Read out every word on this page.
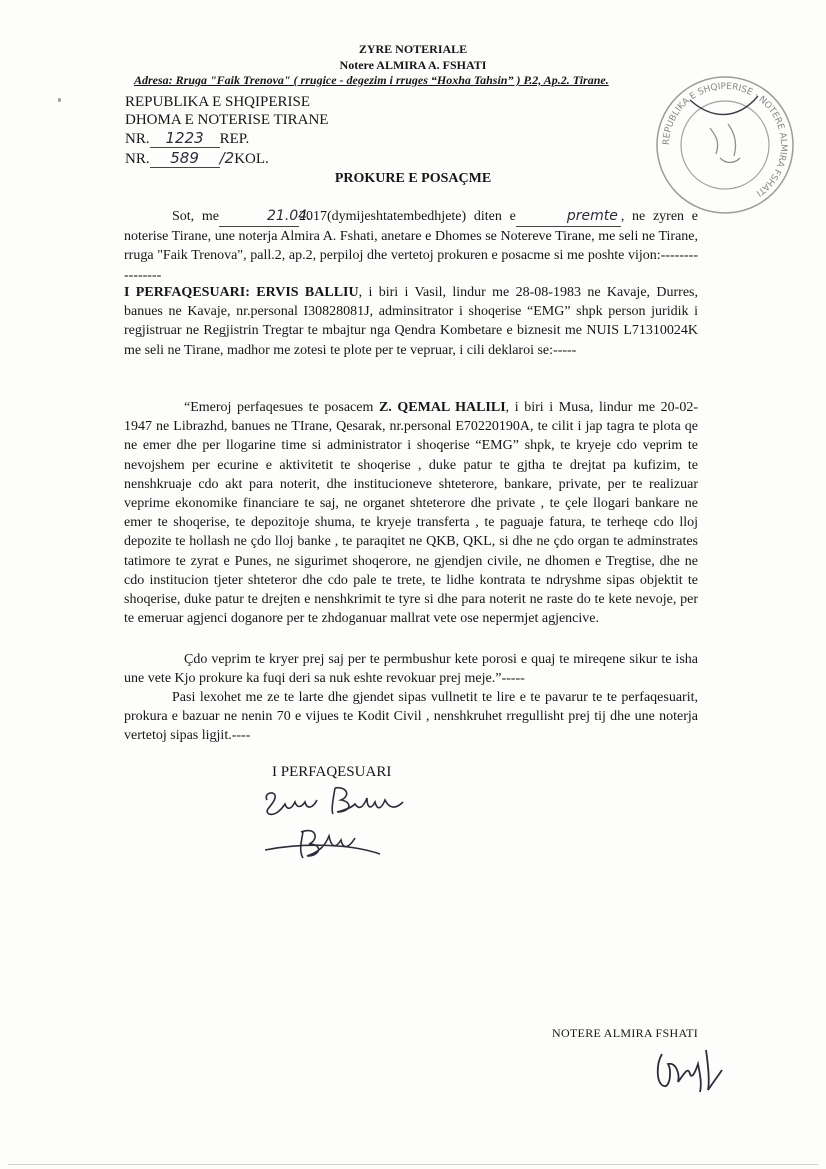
ZYRE NOTERIALE
Notere ALMIRA A. FSHATI
Adresa: Rruga "Faik Trenova" ( rrugice - degezim i rruges “Hoxha Tahsin” ) P.2, Ap.2. Tirane.
REPUBLIKA E SHQIPERISE
DHOMA E NOTERISE TIRANE
NR. 1223 REP.
NR. 589 /2KOL.
PROKURE E POSAÇME

Sot, me	21.04.2017(dymijeshtatembedhjete) diten e	premte , ne zyren e noterise Tirane, une noterja Almira A. Fshati, anetare e Dhomes se Notereve Tirane, me seli ne Tirane, rruga "Faik Trenova", pall.2, ap.2, perpiloj dhe vertetoj prokuren e posacme si me poshte vijon:----------------

I PERFAQESUARI: ERVIS BALLIU, i biri i Vasil, lindur me 28-08-1983 ne Kavaje, Durres, banues ne Kavaje, nr.personal I30828081J, adminsitrator i shoqerise “EMG” shpk person juridik i regjistruar ne Regjistrin Tregtar te mbajtur nga Qendra Kombetare e biznesit me NUIS L71310024K me seli ne Tirane, madhor me zotesi te plote per te vepruar, i cili deklaroi se:-----

“Emeroj perfaqesues te posacem Z. QEMAL HALILI, i biri i Musa, lindur me 20-02-1947 ne Librazhd, banues ne TIrane, Qesarak, nr.personal E70220190A, te cilit i jap tagra te plota qe ne emer dhe per llogarine time si administrator i shoqerise “EMG” shpk, te kryeje cdo veprim te nevojshem per ecurine e aktivitetit te shoqerise , duke patur te gjtha te drejtat pa kufizim, te nenshkruaje cdo akt para noterit, dhe institucioneve shteterore, bankare, private, per te realizuar veprime ekonomike financiare te saj, ne organet shteterore dhe private , te çele llogari bankare ne emer te shoqerise, te depozitoje shuma, te kryeje transferta , te paguaje fatura, te terheqe cdo lloj depozite te hollash ne çdo lloj banke , te paraqitet ne QKB, QKL, si dhe ne çdo organ te adminstrates tatimore te zyrat e Punes, ne sigurimet shoqerore, ne gjendjen civile, ne dhomen e Tregtise, dhe ne cdo institucion tjeter shteteror dhe cdo pale te trete, te lidhe kontrata te ndryshme sipas objektit te shoqerise, duke patur te drejten e nenshkrimit te tyre si dhe para noterit ne raste do te kete nevoje, per te emeruar agjenci doganore per te zhdoganuar mallrat vete ose nepermjet agjencive.

Çdo veprim te kryer prej saj per te permbushur kete porosi e quaj te mireqene sikur te isha une vete Kjo prokure ka fuqi deri sa nuk eshte revokuar prej meje.”-----

Pasi lexohet me ze te larte dhe gjendet sipas vullnetit te lire e te pavarur te te perfaqesuarit, prokura e bazuar ne nenin 70 e vijues te Kodit Civil , nenshkruhet rregullisht prej tij dhe une noterja vertetoj sipas ligjit.----

I PERFAQESUARI
NOTERE ALMIRA FSHATI
REPUBLIKA E SHQIPERISE · NOTERE ALMIRA FSHATI
